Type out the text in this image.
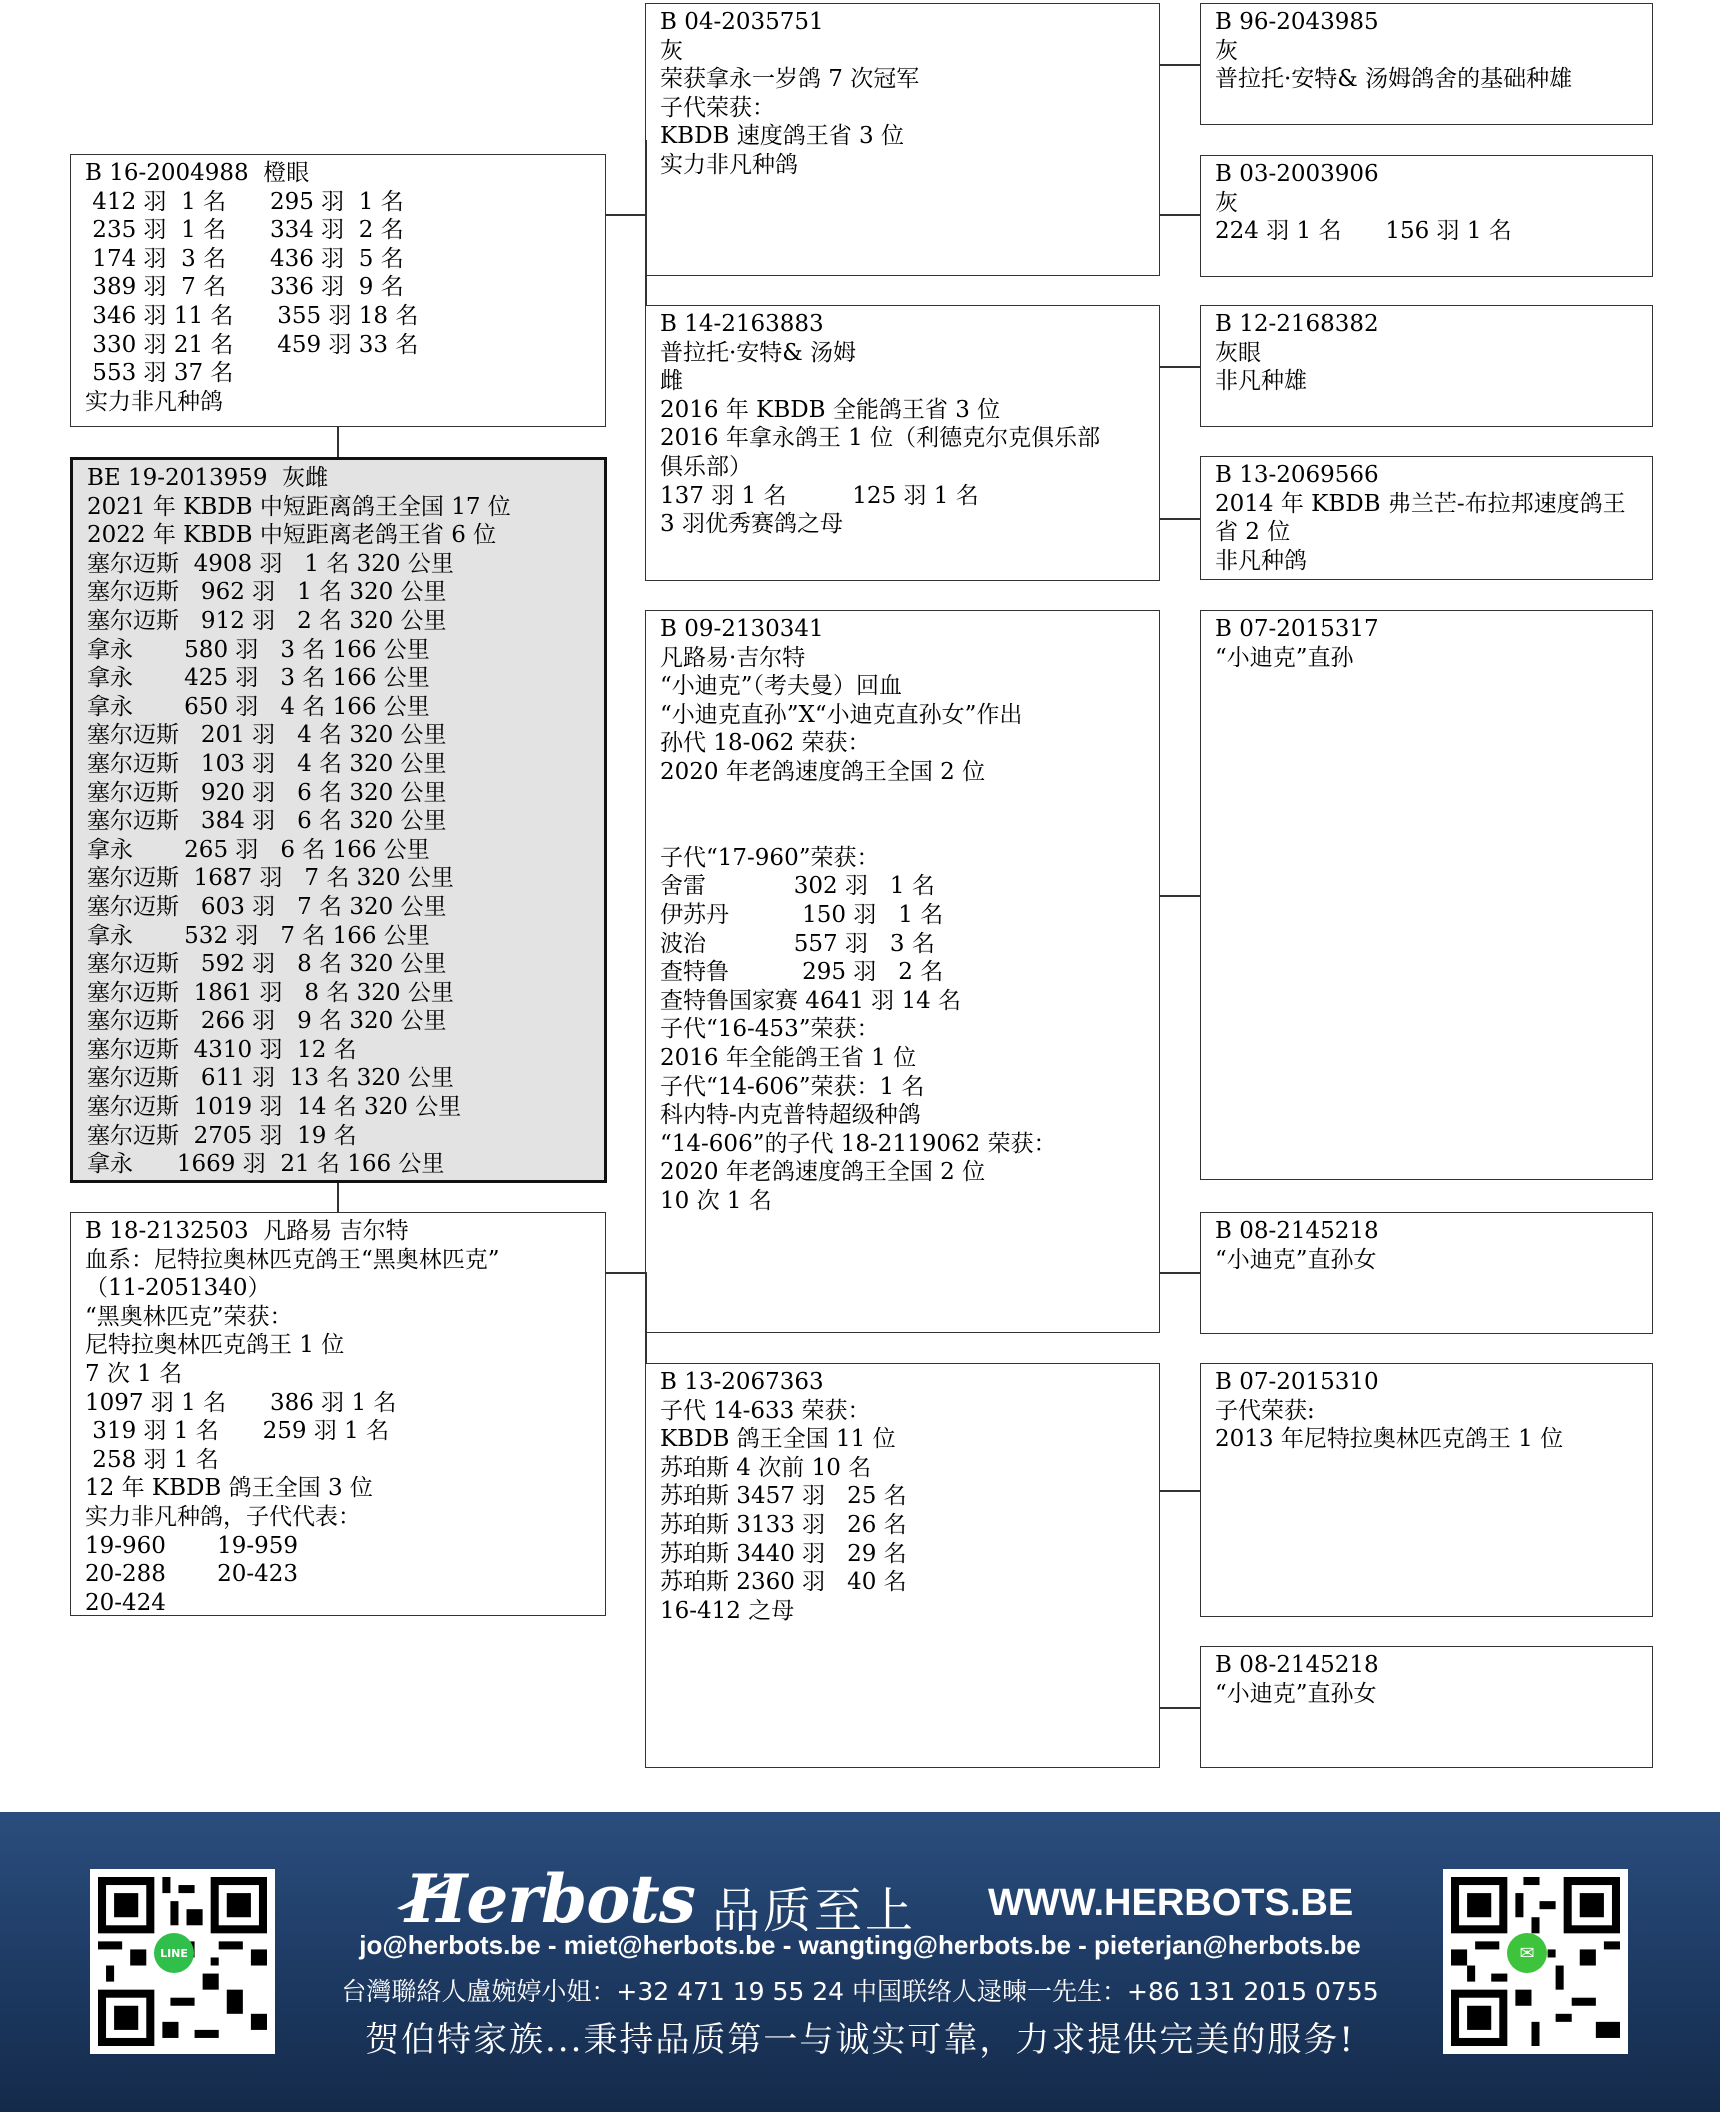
B 04-2035751
灰
荣获拿永一岁鸽 7 次冠军
子代荣获：
KBDB 速度鸽王省 3 位
实力非凡种鸽
B 96-2043985
灰
普拉托·安特& 汤姆鸽舍的基础种雄
B 03-2003906
灰
224 羽 1 名      156 羽 1 名
B 16-2004988  橙眼
412 羽  1 名      295 羽  1 名
235 羽  1 名      334 羽  2 名
174 羽  3 名      436 羽  5 名
389 羽  7 名      336 羽  9 名
346 羽 11 名      355 羽 18 名
330 羽 21 名      459 羽 33 名
553 羽 37 名
实力非凡种鸽
B 14-2163883
普拉托·安特& 汤姆
雌
2016 年 KBDB 全能鸽王省 3 位
2016 年拿永鸽王 1 位（利德克尔克俱乐部
俱乐部）
137 羽 1 名         125 羽 1 名
3 羽优秀赛鸽之母
B 12-2168382
灰眼
非凡种雄
B 13-2069566
2014 年 KBDB 弗兰芒-布拉邦速度鸽王
省 2 位
非凡种鸽
BE 19-2013959  灰雌
2021 年 KBDB 中短距离鸽王全国 17 位
2022 年 KBDB 中短距离老鸽王省 6 位
塞尔迈斯  4908 羽   1 名 320 公里
塞尔迈斯   962 羽   1 名 320 公里
塞尔迈斯   912 羽   2 名 320 公里
拿永       580 羽   3 名 166 公里
拿永       425 羽   3 名 166 公里
拿永       650 羽   4 名 166 公里
塞尔迈斯   201 羽   4 名 320 公里
塞尔迈斯   103 羽   4 名 320 公里
塞尔迈斯   920 羽   6 名 320 公里
塞尔迈斯   384 羽   6 名 320 公里
拿永       265 羽   6 名 166 公里
塞尔迈斯  1687 羽   7 名 320 公里
塞尔迈斯   603 羽   7 名 320 公里
拿永       532 羽   7 名 166 公里
塞尔迈斯   592 羽   8 名 320 公里
塞尔迈斯  1861 羽   8 名 320 公里
塞尔迈斯   266 羽   9 名 320 公里
塞尔迈斯  4310 羽  12 名
塞尔迈斯   611 羽  13 名 320 公里
塞尔迈斯  1019 羽  14 名 320 公里
塞尔迈斯  2705 羽  19 名
拿永      1669 羽  21 名 166 公里
B 09-2130341
凡路易·吉尔特
“小迪克”（考夫曼）回血
“小迪克直孙”X“小迪克直孙女”作出
孙代 18-062 荣获：
2020 年老鸽速度鸽王全国 2 位

子代“17-960”荣获：
舍雷            302 羽   1 名
伊苏丹          150 羽   1 名
波治            557 羽   3 名
查特鲁          295 羽   2 名
查特鲁国家赛 4641 羽 14 名
子代“16-453”荣获：
2016 年全能鸽王省 1 位
子代“14-606”荣获：1 名
科内特-内克普特超级种鸽
“14-606”的子代 18-2119062 荣获：
2020 年老鸽速度鸽王全国 2 位
10 次 1 名
B 07-2015317
“小迪克”直孙
B 08-2145218
“小迪克”直孙女
B 18-2132503  凡路易 吉尔特
血系：尼特拉奥林匹克鸽王“黑奥林匹克”
（11-2051340）
“黑奥林匹克”荣获：
尼特拉奥林匹克鸽王 1 位
7 次 1 名
1097 羽 1 名      386 羽 1 名
319 羽 1 名      259 羽 1 名
258 羽 1 名
12 年 KBDB 鸽王全国 3 位
实力非凡种鸽，子代代表：
19-960       19-959
20-288       20-423
20-424
B 13-2067363
子代 14-633 荣获：
KBDB 鸽王全国 11 位
苏珀斯 4 次前 10 名
苏珀斯 3457 羽   25 名
苏珀斯 3133 羽   26 名
苏珀斯 3440 羽   29 名
苏珀斯 2360 羽   40 名
16-412 之母
B 07-2015310
子代荣获:
2013 年尼特拉奥林匹克鸽王 1 位
B 08-2145218
“小迪克”直孙女
LINE
Herbots 品质至上 WWW.HERBOTS.BE
jo@herbots.be - miet@herbots.be - wangting@herbots.be - pieterjan@herbots.be
台灣聯絡人盧婉婷小姐：+32 471 19 55 24 中国联络人逯暕一先生：+86 131 2015 0755
贺伯特家族...秉持品质第一与诚实可靠，力求提供完美的服务!
✉
